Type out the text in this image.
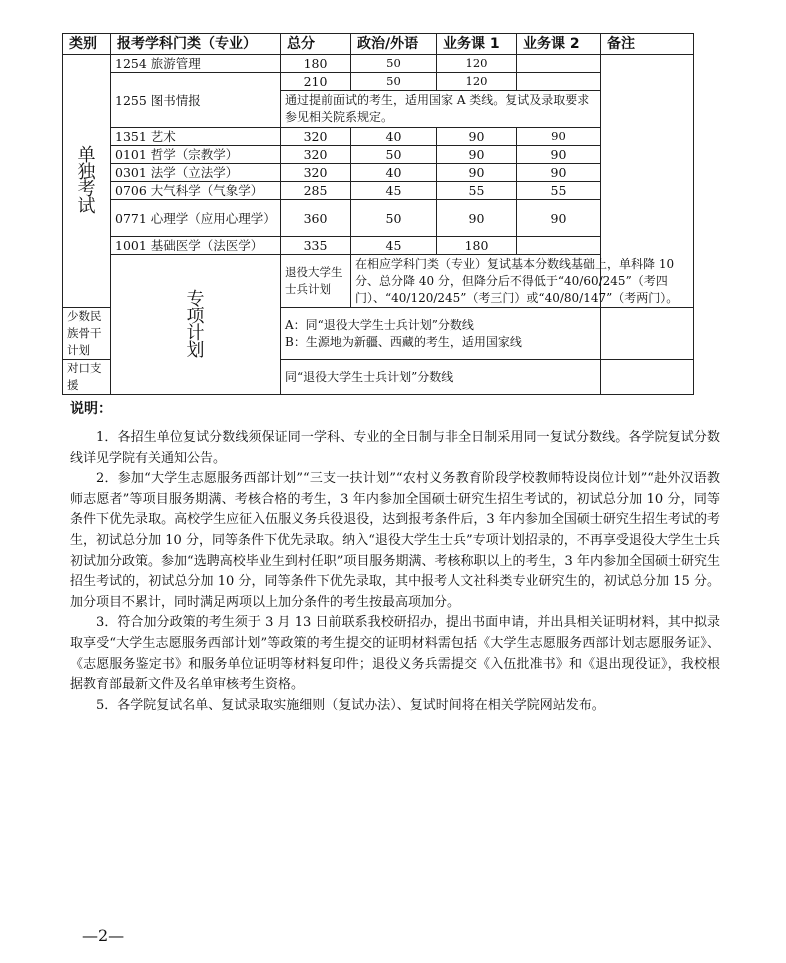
类别	报考学科门类（专业）	总分	政治/外语	业务课 1	业务课 2	备注	

单独考试	1254 旅游管理	180	50	120			
	1255 图书情报	210	50	120			
		通过提前面试的考生，适用国家 A 类线。复试及录取要求参见相关院系规定。					
	1351 艺术	320	40	90	90		
	0101 哲学（宗教学）	320	50	90	90		
	0301 法学（立法学）	320	40	90	90		
	0706 大气科学（气象学）	285	45	55	55		
	0771 心理学（应用心理学）	360	50	90	90		
	1001 基础医学（法医学）	335	45	180			

	专项计划	退役大学生士兵计划	在相应学科门类（专业）复试基本分数线基础上，单科降 10 分、总分降 40 分，但降分后不得低于“40/60/245”（考四门）、“40/120/245”（考三门）或“40/80/147”（考两门）。				
少数民族骨干计划		A：同“退役大学生士兵计划”分数线
B：生源地为新疆、西藏的考生，适用国家线					

对口支援		同“退役大学生士兵计划”分数线					
说明：

1．各招生单位复试分数线须保证同一学科、专业的全日制与非全日制采用同一复试分数线。各学院复试分数线详见学院有关通知公告。

2．参加“大学生志愿服务西部计划”“三支一扶计划”“农村义务教育阶段学校教师特设岗位计划”“赴外汉语教师志愿者”等项目服务期满、考核合格的考生，3 年内参加全国硕士研究生招生考试的，初试总分加 10 分，同等条件下优先录取。高校学生应征入伍服义务兵役退役，达到报考条件后，3 年内参加全国硕士研究生招生考试的考生，初试总分加 10 分，同等条件下优先录取。纳入“退役大学生士兵”专项计划招录的，不再享受退役大学生士兵初试加分政策。参加“选聘高校毕业生到村任职”项目服务期满、考核称职以上的考生，3 年内参加全国硕士研究生招生考试的，初试总分加 10 分，同等条件下优先录取，其中报考人文社科类专业研究生的，初试总分加 15 分。加分项目不累计，同时满足两项以上加分条件的考生按最高项加分。

3．符合加分政策的考生须于 3 月 13 日前联系我校研招办，提出书面申请，并出具相关证明材料，其中拟录取享受“大学生志愿服务西部计划”等政策的考生提交的证明材料需包括《大学生志愿服务西部计划志愿服务证》、《志愿服务鉴定书》和服务单位证明等材料复印件；退役义务兵需提交《入伍批准书》和《退出现役证》，我校根据教育部最新文件及名单审核考生资格。

5．各学院复试名单、复试录取实施细则（复试办法）、复试时间将在相关学院网站发布。

—2—
